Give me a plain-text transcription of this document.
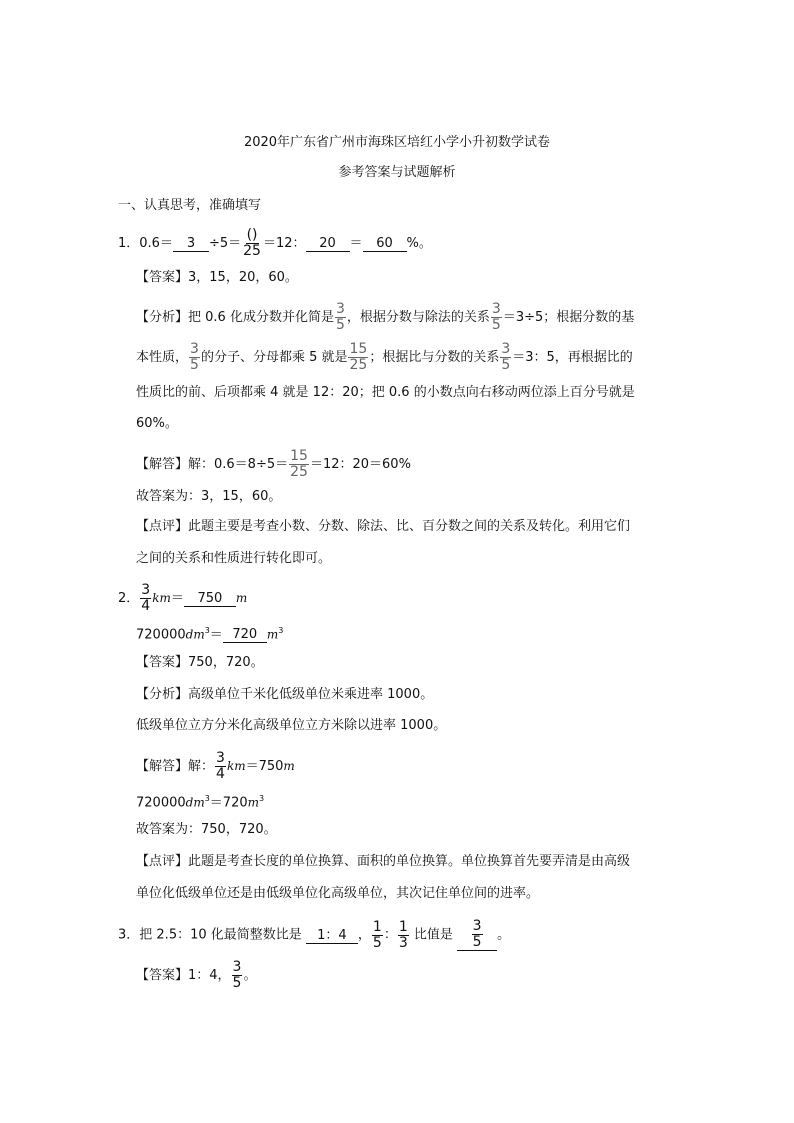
2020年广东省广州市海珠区培红小学小升初数学试卷
参考答案与试题解析
一、认真思考，准确填写
1．$0.6= 3 \div 5= \frac{()}{25} =12$： 20 ＝ 60 %。
【答案】3，15，20，60。
【分析】把 0.6 化成分数并化简是 $\frac{3}{5}$ ，根据分数与除法的关系 $\frac{3}{5} =3\div 5$；根据分数的基
本性质， $\frac{3}{5}$ 的分子、分母都乘 5 就是 $\frac{15}{25}$ ；根据比与分数的关系 $\frac{3}{5} =3$：5，再根据比的
性质比的前、后项都乘 4 就是 12：20；把 0.6 的小数点向右移动两位添上百分号就是
60%。
【解答】解：$0.6=8\div 5= \frac{15}{25} =12$：20＝60%
故答案为：3，15，60。
【点评】此题主要是考查小数、分数、除法、比、百分数之间的关系及转化。利用它们
之间的关系和性质进行转化即可。
2． $\frac{3}{4} km= 750$ m
$720000dm^3= 720$ $m^3$
【答案】750，720。
【分析】高级单位千米化低级单位米乘进率 1000。
低级单位立方分米化高级单位立方米除以进率 1000。
【解答】解： $\frac{3}{4} km=750m$
$720000dm^3=720m^3$
故答案为：750，720。
【点评】此题是考查长度的单位换算、面积的单位换算。单位换算首先要弄清是由高级
单位化低级单位还是由低级单位化高级单位，其次记住单位间的进率。
3．把 2.5：10 化最简整数比是 1：4 ， $\frac{1}{5}$ ： $\frac{1}{3}$ 比值是 $\frac{3}{5}$ 。
【答案】1：4， $\frac{3}{5}$ 。
